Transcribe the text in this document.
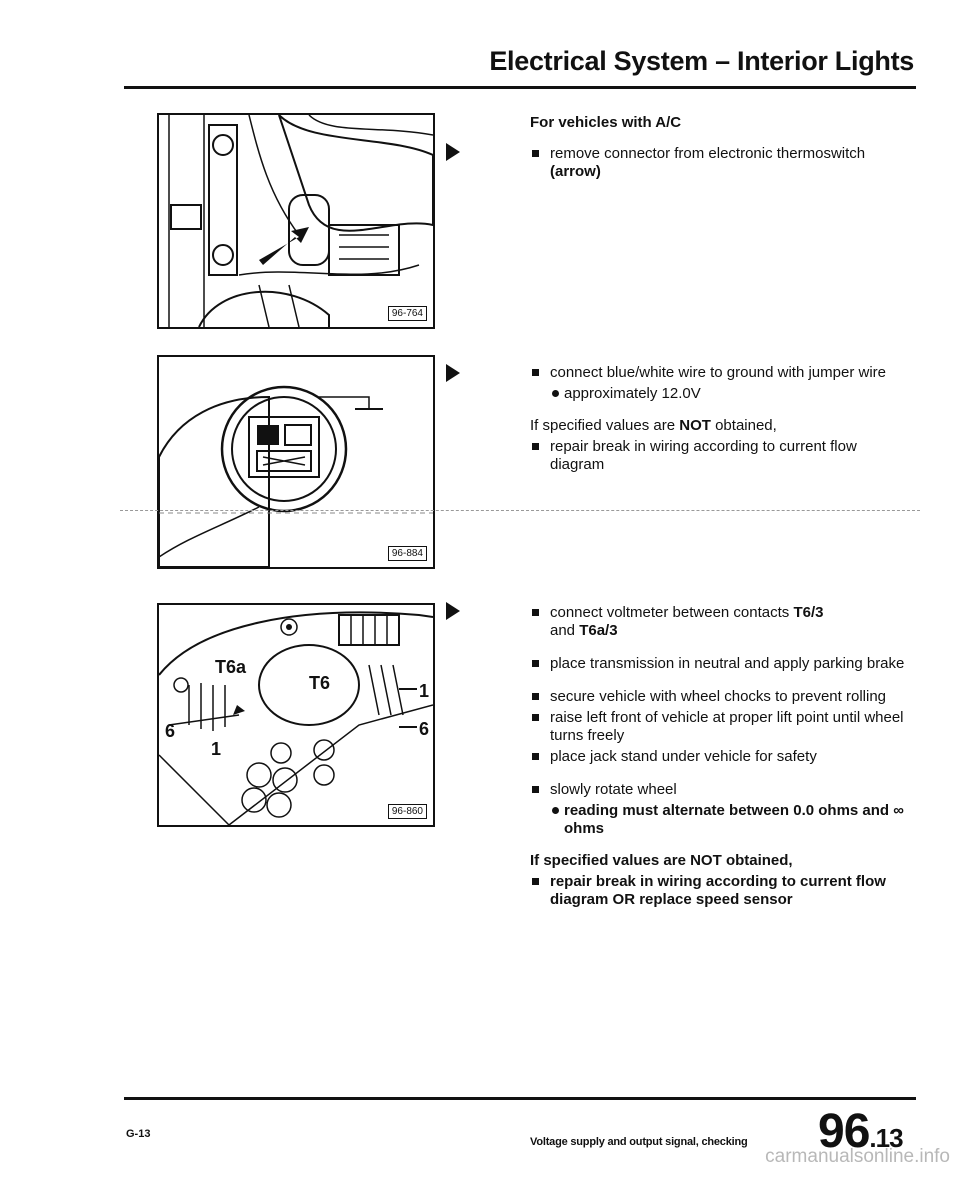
Electrical System – Interior Lights
96-764
96-884
T6a
T6
6
1
1
6
96-860
For vehicles with A/C
remove connector from electronic thermoswitch (arrow)
connect blue/white wire to ground with jumper wire
approximately 12.0V
If specified values are NOT obtained,
repair break in wiring according to current flow diagram
connect voltmeter between contacts T6/3
and T6a/3
place transmission in neutral and apply parking brake
secure vehicle with wheel chocks to prevent rolling
raise left front of vehicle at proper lift point until wheel turns freely
place jack stand under vehicle for safety
slowly rotate wheel
reading must alternate between 0.0 ohms and ∞ ohms
If specified values are NOT obtained,
repair break in wiring according to current flow diagram OR replace speed sensor
G-13
Voltage supply and output signal, checking 96.13
carmanualsonline.info
